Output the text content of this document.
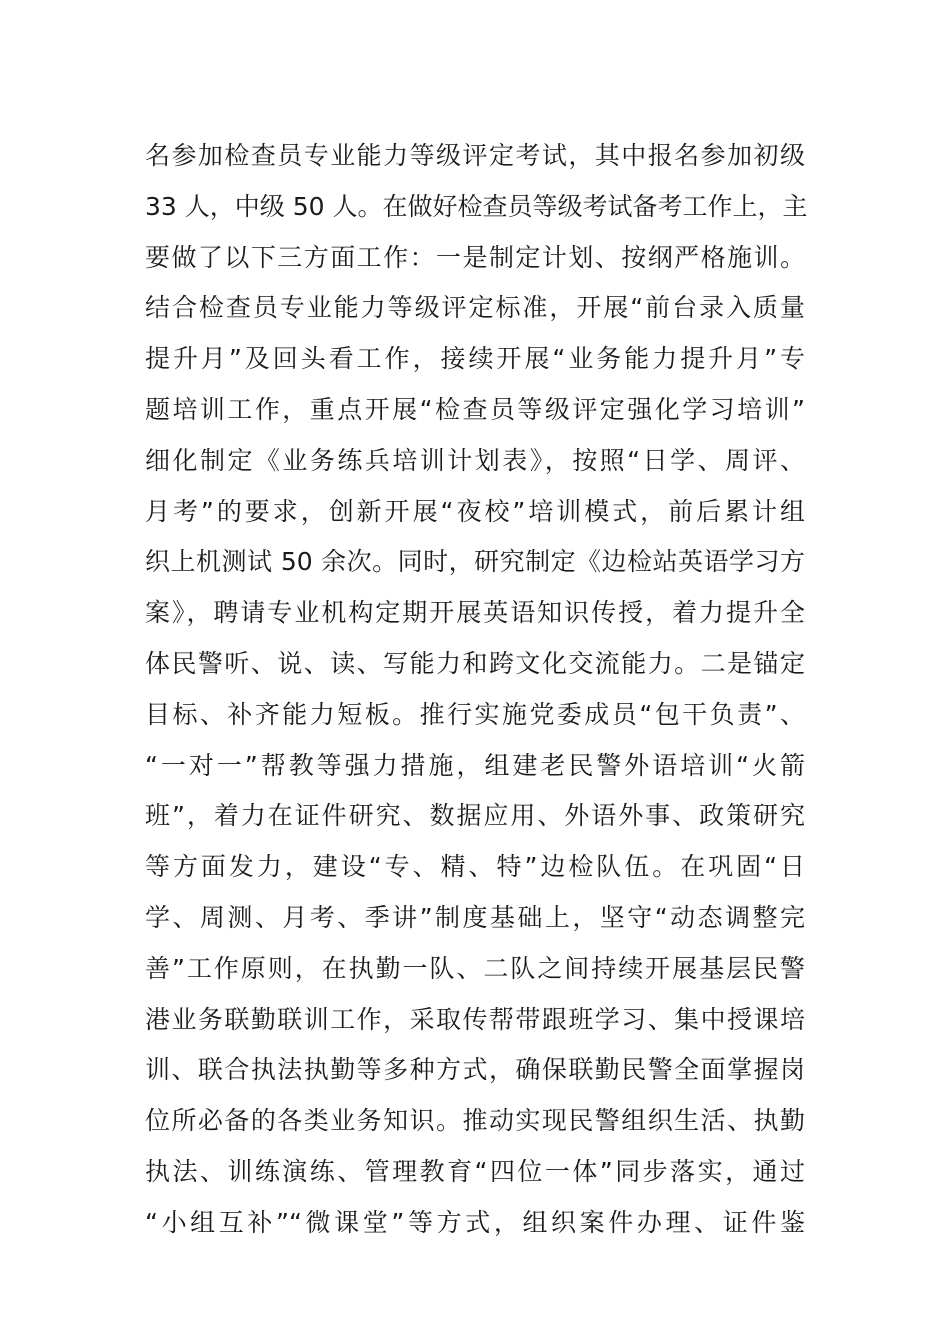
名参加检查员专业能力等级评定考试，其中报名参加初级
33 人，中级 50 人。在做好检查员等级考试备考工作上，主
要做了以下三方面工作：一是制定计划、按纲严格施训。
结合检查员专业能力等级评定标准，开展“前台录入质量
提升月”及回头看工作，接续开展“业务能力提升月”专
题培训工作，重点开展“检查员等级评定强化学习培训”
细化制定《业务练兵培训计划表》，按照“日学、周评、
月考”的要求，创新开展“夜校”培训模式，前后累计组
织上机测试 50 余次。同时，研究制定《边检站英语学习方
案》，聘请专业机构定期开展英语知识传授，着力提升全
体民警听、说、读、写能力和跨文化交流能力。二是锚定
目标、补齐能力短板。推行实施党委成员“包干负责”、
“一对一”帮教等强力措施，组建老民警外语培训“火箭
班”，着力在证件研究、数据应用、外语外事、政策研究
等方面发力，建设“专、精、特”边检队伍。在巩固“日
学、周测、月考、季讲”制度基础上，坚守“动态调整完
善”工作原则，在执勤一队、二队之间持续开展基层民警
港业务联勤联训工作，采取传帮带跟班学习、集中授课培
训、联合执法执勤等多种方式，确保联勤民警全面掌握岗
位所必备的各类业务知识。推动实现民警组织生活、执勤
执法、训练演练、管理教育“四位一体”同步落实，通过
“小组互补”“微课堂”等方式，组织案件办理、证件鉴
